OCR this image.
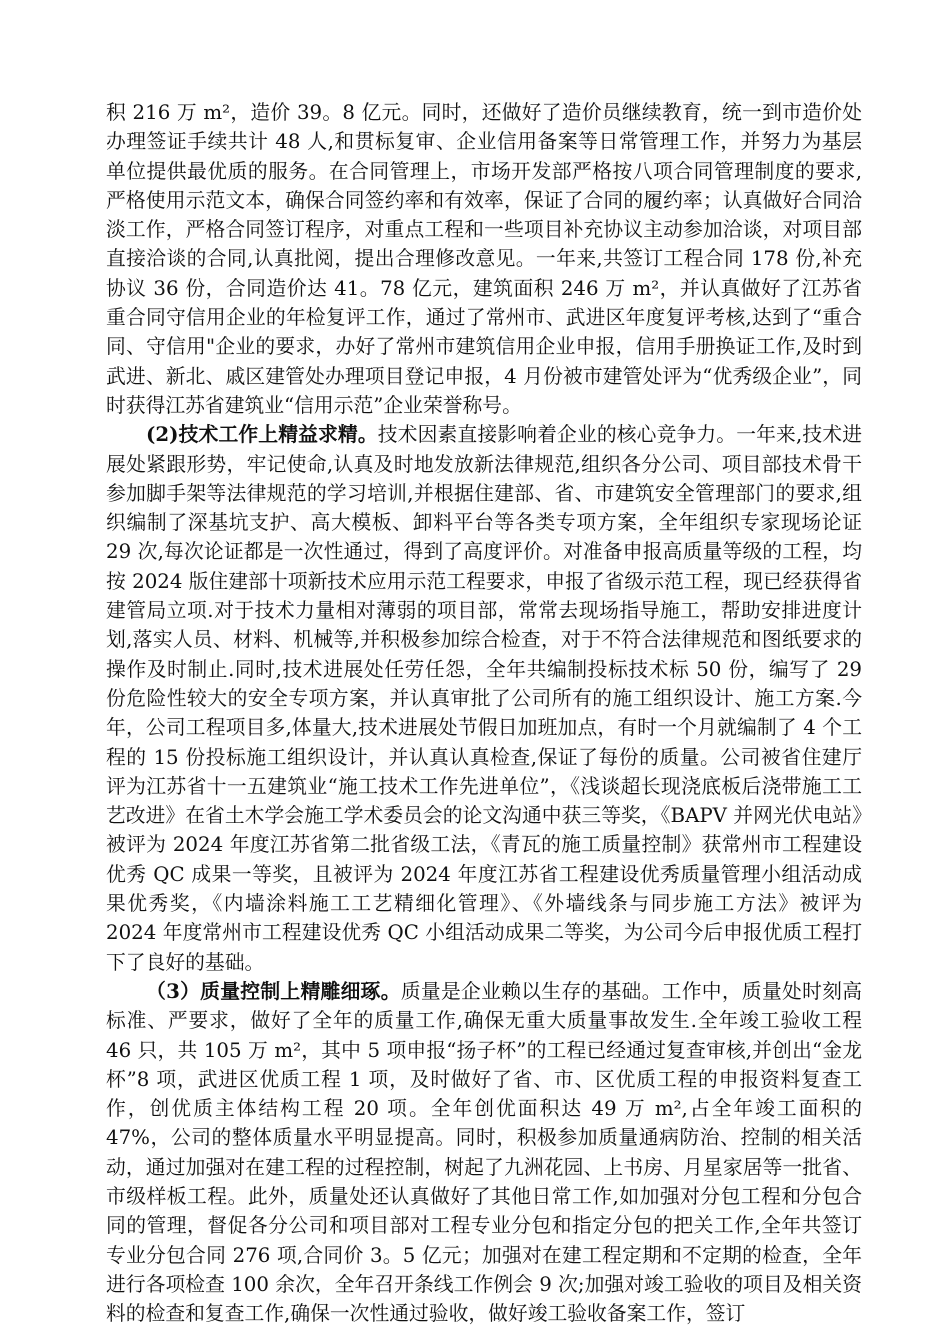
积 216 万 m²，造价 39。8 亿元。同时，还做好了造价员继续教育，统一到市造价处办理签证手续共计 48 人,和贯标复审、企业信用备案等日常管理工作，并努力为基层单位提供最优质的服务。在合同管理上，市场开发部严格按八项合同管理制度的要求,严格使用示范文本，确保合同签约率和有效率，保证了合同的履约率；认真做好合同洽淡工作，严格合同签订程序，对重点工程和一些项目补充协议主动参加洽谈，对项目部直接洽谈的合同,认真批阅，提出合理修改意见。一年来,共签订工程合同 178 份,补充协议 36 份，合同造价达 41。78 亿元，建筑面积 246 万 m²，并认真做好了江苏省重合同守信用企业的年检复评工作，通过了常州市、武进区年度复评考核,达到了“重合同、守信用"企业的要求，办好了常州市建筑信用企业申报，信用手册换证工作,及时到武进、新北、戚区建管处办理项目登记申报，4 月份被市建管处评为“优秀级企业”，同时获得江苏省建筑业“信用示范”企业荣誉称号。

(2)技术工作上精益求精。技术因素直接影响着企业的核心竞争力。一年来,技术进展处紧跟形势，牢记使命,认真及时地发放新法律规范,组织各分公司、项目部技术骨干参加脚手架等法律规范的学习培训,并根据住建部、省、市建筑安全管理部门的要求,组织编制了深基坑支护、高大模板、卸料平台等各类专项方案，全年组织专家现场论证 29 次,每次论证都是一次性通过，得到了高度评价。对准备申报高质量等级的工程，均按 2024 版住建部十项新技术应用示范工程要求，申报了省级示范工程，现已经获得省建管局立项.对于技术力量相对薄弱的项目部，常常去现场指导施工，帮助安排进度计划,落实人员、材料、机械等,并积极参加综合检查，对于不符合法律规范和图纸要求的操作及时制止.同时,技术进展处任劳任怨，全年共编制投标技术标 50 份，编写了 29 份危险性较大的安全专项方案，并认真审批了公司所有的施工组织设计、施工方案.今年，公司工程项目多,体量大,技术进展处节假日加班加点，有时一个月就编制了 4 个工程的 15 份投标施工组织设计，并认真认真检查,保证了每份的质量。公司被省住建厅评为江苏省十一五建筑业“施工技术工作先进单位”，《浅谈超长现浇底板后浇带施工工艺改进》在省土木学会施工学术委员会的论文沟通中获三等奖，《BAPV 并网光伏电站》被评为 2024 年度江苏省第二批省级工法，《青瓦的施工质量控制》获常州市工程建设优秀 QC 成果一等奖，且被评为 2024 年度江苏省工程建设优秀质量管理小组活动成果优秀奖，《内墙涂料施工工艺精细化管理》、《外墙线条与同步施工方法》被评为 2024 年度常州市工程建设优秀 QC 小组活动成果二等奖，为公司今后申报优质工程打下了良好的基础。

（3）质量控制上精雕细琢。质量是企业赖以生存的基础。工作中，质量处时刻高标准、严要求，做好了全年的质量工作,确保无重大质量事故发生.全年竣工验收工程 46 只，共 105 万 m²，其中 5 项申报“扬子杯”的工程已经通过复查审核,并创出“金龙杯”8 项，武进区优质工程 1 项，及时做好了省、市、区优质工程的申报资料复查工作，创优质主体结构工程 20 项。全年创优面积达 49 万 m²,占全年竣工面积的 47%，公司的整体质量水平明显提高。同时，积极参加质量通病防治、控制的相关活动，通过加强对在建工程的过程控制，树起了九洲花园、上书房、月星家居等一批省、市级样板工程。此外，质量处还认真做好了其他日常工作,如加强对分包工程和分包合同的管理，督促各分公司和项目部对工程专业分包和指定分包的把关工作,全年共签订专业分包合同 276 项,合同价 3。5 亿元；加强对在建工程定期和不定期的检查，全年进行各项检查 100 余次，全年召开条线工作例会 9 次;加强对竣工验收的项目及相关资料的检查和复查工作,确保一次性通过验收，做好竣工验收备案工作，签订
